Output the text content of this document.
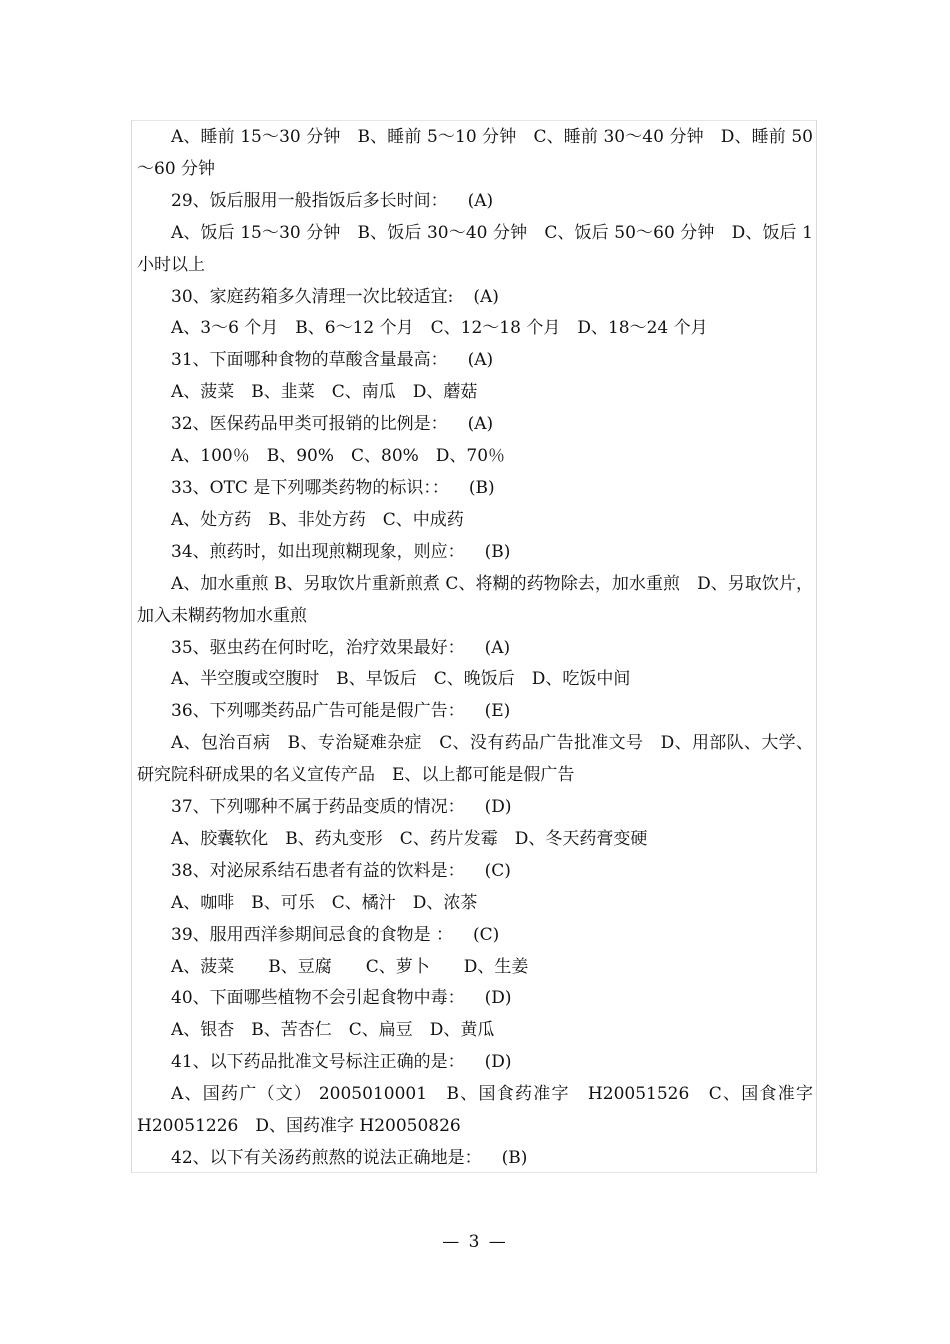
A、睡前 15～30 分钟　B、睡前 5～10 分钟　C、睡前 30～40 分钟　D、睡前 50～60 分钟

29、饭后服用一般指饭后多长时间： (A)

A、饭后 15～30 分钟　B、饭后 30～40 分钟　C、饭后 50～60 分钟　D、饭后 1 小时以上

30、家庭药箱多久清理一次比较适宜: (A)

A、3～6 个月　B、6～12 个月　C、12～18 个月　D、18～24 个月

31、下面哪种食物的草酸含量最高： (A)

A、菠菜　B、韭菜　C、南瓜　D、蘑菇

32、医保药品甲类可报销的比例是： (A)

A、100％　B、90%　C、80%　D、70％

33、OTC 是下列哪类药物的标识：： (B)

A、处方药　B、非处方药　C、中成药

34、煎药时，如出现煎糊现象，则应： (B)

A、加水重煎 B、另取饮片重新煎煮 C、将糊的药物除去，加水重煎　D、另取饮片，加入未糊药物加水重煎

35、驱虫药在何时吃，治疗效果最好： (A)

A、半空腹或空腹时　B、早饭后　C、晚饭后　D、吃饭中间

36、下列哪类药品广告可能是假广告： (E)

A、包治百病　B、专治疑难杂症　C、没有药品广告批准文号　D、用部队、大学、研究院科研成果的名义宣传产品　E、以上都可能是假广告

37、下列哪种不属于药品变质的情况： (D)

A、胶囊软化　B、药丸变形　C、药片发霉　D、冬天药膏变硬

38、对泌尿系结石患者有益的饮料是： (C)

A、咖啡　B、可乐　C、橘汁　D、浓茶

39、服用西洋参期间忌食的食物是 ： (C)

A、菠菜　　B、豆腐　　C、萝卜　　D、生姜

40、下面哪些植物不会引起食物中毒： (D)

A、银杏　B、苦杏仁　C、扁豆　D、黄瓜

41、以下药品批准文号标注正确的是： (D)

A、国药广（文） 2005010001　B、国食药准字　H20051526　C、国食准字 H20051226　D、国药准字 H20050826

42、以下有关汤药煎熬的说法正确地是： (B)

— 3 —
